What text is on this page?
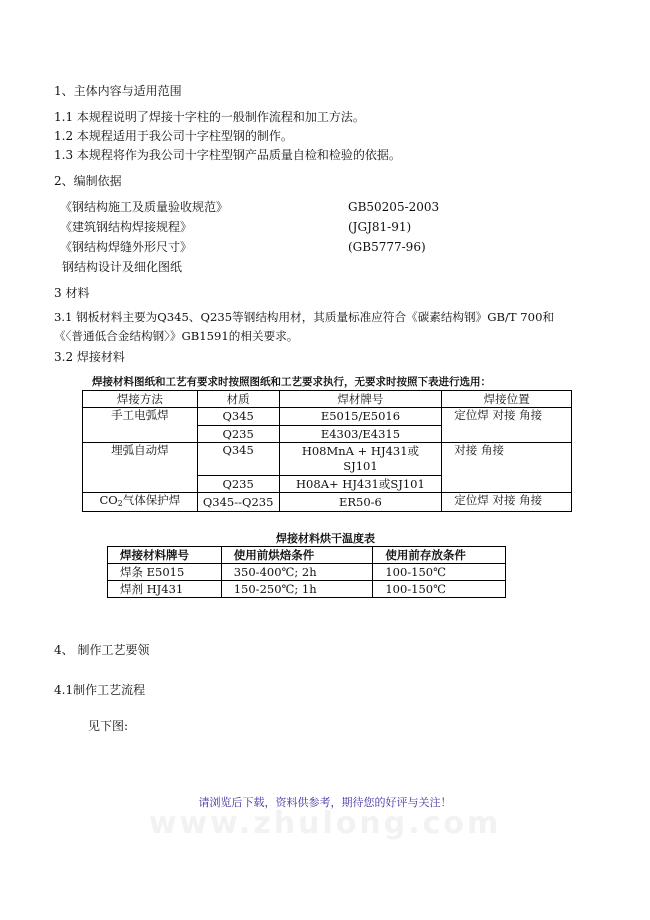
1、主体内容与适用范围
1.1 本规程说明了焊接十字柱的一般制作流程和加工方法。
1.2 本规程适用于我公司十字柱型钢的制作。
1.3 本规程将作为我公司十字柱型钢产品质量自检和检验的依据。
2、编制依据
《钢结构施工及质量验收规范》	GB50205-2003
《建筑钢结构焊接规程》	(JGJ81-91)
《钢结构焊缝外形尺寸》	(GB5777-96)
钢结构设计及细化图纸
3 材料
3.1 钢板材料主要为Q345、Q235等钢结构用材，其质量标准应符合《碳素结构钢》GB/T 700和
《〈普通低合金结构钢〉》GB1591的相关要求。
3.2 焊接材料
焊接材料图纸和工艺有要求时按照图纸和工艺要求执行，无要求时按照下表进行选用：
焊接方法	材质	焊材牌号	焊接位置
手工电弧焊	Q345	E5015/E5016	定位焊 对接 角接
	Q235	E4303/E4315	
埋弧自动焊	Q345	H08MnA + HJ431或
SJ101	对接 角接
	Q235	H08A+ HJ431或SJ101	
$CO_2$气体保护焊	Q345--Q235	ER50-6	定位焊 对接 角接
焊接材料烘干温度表
焊接材料牌号	使用前烘焙条件	使用前存放条件
焊条 E5015	350-400℃; 2h	100-150℃
焊剂 HJ431	150-250℃; 1h	100-150℃
4、 制作工艺要领
4.1制作工艺流程
见下图:
www.zhulong.com
请浏览后下载，资料供参考，期待您的好评与关注！
